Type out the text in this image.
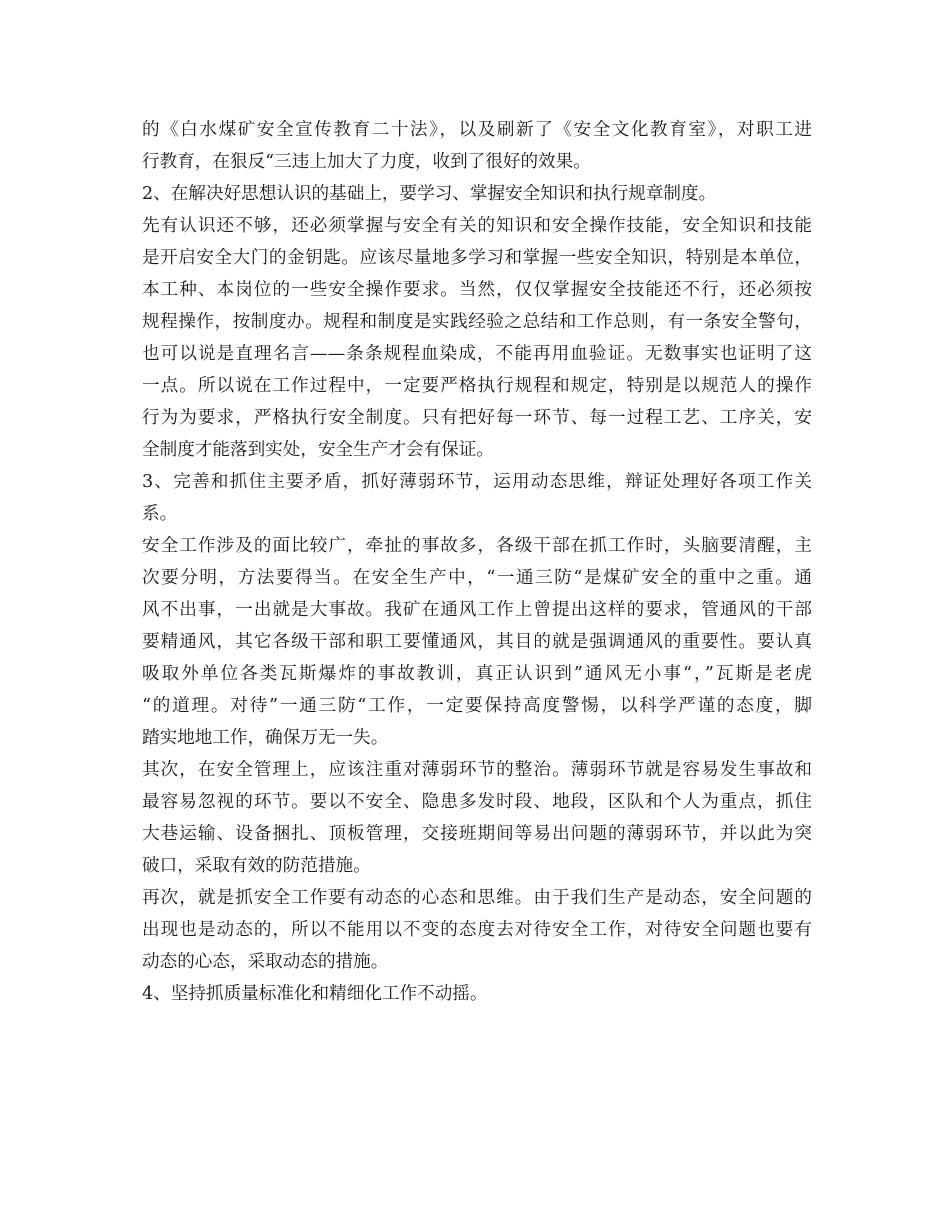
的《白水煤矿安全宣传教育二十法》，以及刷新了《安全文化教育室》，对职工进
行教育，在狠反“三违上加大了力度，收到了很好的效果。
2、在解决好思想认识的基础上，要学习、掌握安全知识和执行规章制度。
先有认识还不够，还必须掌握与安全有关的知识和安全操作技能，安全知识和技能
是开启安全大门的金钥匙。应该尽量地多学习和掌握一些安全知识，特别是本单位，
本工种、本岗位的一些安全操作要求。当然，仅仅掌握安全技能还不行，还必须按
规程操作，按制度办。规程和制度是实践经验之总结和工作总则，有一条安全警句，
也可以说是直理名言——条条规程血染成，不能再用血验证。无数事实也证明了这
一点。所以说在工作过程中，一定要严格执行规程和规定，特别是以规范人的操作
行为为要求，严格执行安全制度。只有把好每一环节、每一过程工艺、工序关，安
全制度才能落到实处，安全生产才会有保证。
3、完善和抓住主要矛盾，抓好薄弱环节，运用动态思维，辩证处理好各项工作关
系。
安全工作涉及的面比较广，牵扯的事故多，各级干部在抓工作时，头脑要清醒，主
次要分明，方法要得当。在安全生产中，“一通三防“是煤矿安全的重中之重。通
风不出事，一出就是大事故。我矿在通风工作上曾提出这样的要求，管通风的干部
要精通风，其它各级干部和职工要懂通风，其目的就是强调通风的重要性。要认真
吸取外单位各类瓦斯爆炸的事故教训，真正认识到”通风无小事“，”瓦斯是老虎
“的道理。对待”一通三防“工作，一定要保持高度警惕，以科学严谨的态度，脚
踏实地地工作，确保万无一失。
其次，在安全管理上，应该注重对薄弱环节的整治。薄弱环节就是容易发生事故和
最容易忽视的环节。要以不安全、隐患多发时段、地段，区队和个人为重点，抓住
大巷运输、设备捆扎、顶板管理，交接班期间等易出问题的薄弱环节，并以此为突
破口，采取有效的防范措施。
再次，就是抓安全工作要有动态的心态和思维。由于我们生产是动态，安全问题的
出现也是动态的，所以不能用以不变的态度去对待安全工作，对待安全问题也要有
动态的心态，采取动态的措施。
4、坚持抓质量标准化和精细化工作不动摇。
